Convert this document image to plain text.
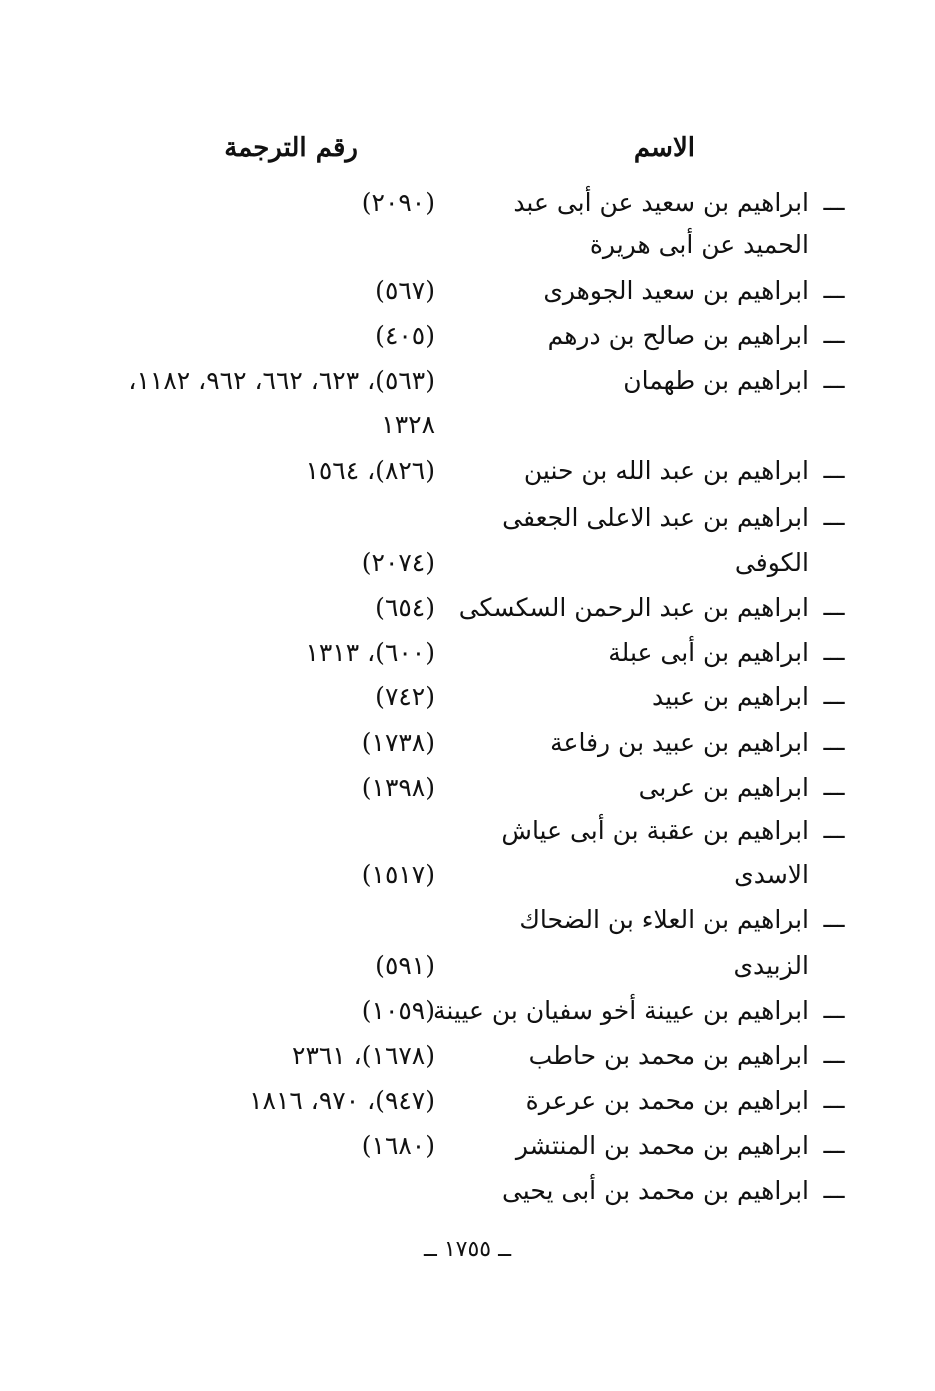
الاسم
رقم الترجمة
ـــ
ابراهيم بن سعيد عن أبى عبد
(٢٠٩٠)
الحميد عن أبى هريرة
ـــ
ابراهيم بن سعيد الجوهرى
(٥٦٧)
ـــ
ابراهيم بن صالح بن درهم
(٤٠٥)
ـــ
ابراهيم بن طهمان
(٥٦٣)، ٦٢٣، ٦٦٢، ٩٦٢، ١١٨٢،
١٣٢٨
ـــ
ابراهيم بن عبد الله بن حنين
(٨٢٦)، ١٥٦٤
ـــ
ابراهيم بن عبد الاعلى الجعفى
الكوفى
(٢٠٧٤)
ـــ
ابراهيم بن عبد الرحمن السكسكى
(٦٥٤)
ـــ
ابراهيم بن أبى عبلة
(٦٠٠)، ١٣١٣
ـــ
ابراهيم بن عبيد
(٧٤٢)
ـــ
ابراهيم بن عبيد بن رفاعة
(١٧٣٨)
ـــ
ابراهيم بن عربى
(١٣٩٨)
ـــ
ابراهيم بن عقبة بن أبى عياش
الاسدى
(١٥١٧)
ـــ
ابراهيم بن العلاء بن الضحاك
الزبيدى
(٥٩١)
ـــ
ابراهيم بن عيينة أخو سفيان بن عيينة
(١٠٥٩)
ـــ
ابراهيم بن محمد بن حاطب
(١٦٧٨)، ٢٣٦١
ـــ
ابراهيم بن محمد بن عرعرة
(٩٤٧)، ٩٧٠، ١٨١٦
ـــ
ابراهيم بن محمد بن المنتشر
(١٦٨٠)
ـــ
ابراهيم بن محمد بن أبى يحيى
ــ ١٧٥٥ ــ
